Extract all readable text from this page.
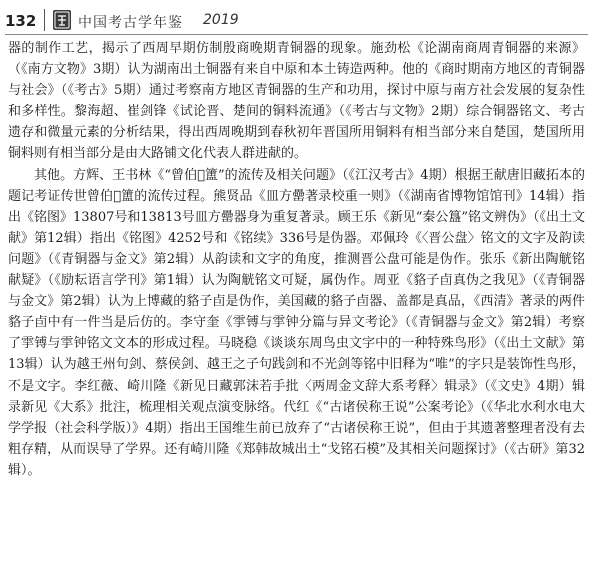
132	中国考古学年鉴 2019

器的制作工艺，揭示了西周早期仿制殷商晚期青铜器的现象。施劲松《论湖南商周青铜器的来源》（《南方文物》3期）认为湖南出土铜器有来自中原和本土铸造两种。他的《商时期南方地区的青铜器与社会》（《考古》5期）通过考察南方地区青铜器的生产和功用，探讨中原与南方社会发展的复杂性和多样性。黎海超、崔剑锋《试论晋、楚间的铜料流通》（《考古与文物》2期）综合铜器铭文、考古遗存和微量元素的分析结果，得出西周晚期到春秋初年晋国所用铜料有相当部分来自楚国，楚国所用铜料则有相当部分是由大路铺文化代表人群进献的。

其他。方辉、王书林《“曾伯𩎟簠”的流传及相关问题》（《江汉考古》4期）根据王献唐旧藏拓本的题记考证传世曾伯𩎟簠的流传过程。熊贤品《皿方罍著录校重一则》（《湖南省博物馆馆刊》14辑）指出《铭图》13807号和13813号皿方罍器身为重复著录。顾王乐《新见“秦公簋”铭文辨伪》（《出土文献》第12辑）指出《铭图》4252号和《铭续》336号是伪器。邓佩玲《〈晋公盘〉铭文的文字及韵读问题》（《青铜器与金文》第2辑）从韵读和文字的角度，推测晋公盘可能是伪作。张乐《新出陶觥铭献疑》（《励耘语言学刊》第1辑）认为陶觥铭文可疑，属伪作。周亚《貉子卣真伪之我见》（《青铜器与金文》第2辑）认为上博藏的貉子卣是伪作，美国藏的貉子卣器、盖都是真品，《西清》著录的两件貉子卣中有一件当是后仿的。李守奎《𩁹镈与𩁹钟分篇与异文考论》（《青铜器与金文》第2辑）考察了𩁹镈与𩁹钟铭文文本的形成过程。马晓稳《谈谈东周鸟虫文字中的一种特殊鸟形》（《出土文献》第13辑）认为越王州句剑、蔡侯剑、越王之子句践剑和不光剑等铭中旧释为“唯”的字只是装饰性鸟形，不是文字。李红薇、崎川隆《新见日藏郭沫若手批〈两周金文辞大系考释〉辑录》（《文史》4期）辑录新见《大系》批注，梳理相关观点演变脉络。代红《“古诸侯称王说”公案考论》（《华北水利水电大学学报（社会科学版）》4期）指出王国维生前已放弃了“古诸侯称王说”，但由于其遗著整理者没有去粗存精，从而误导了学界。还有崎川隆《郑韩故城出土“戈铭石模”及其相关问题探讨》（《古研》第32辑）。
